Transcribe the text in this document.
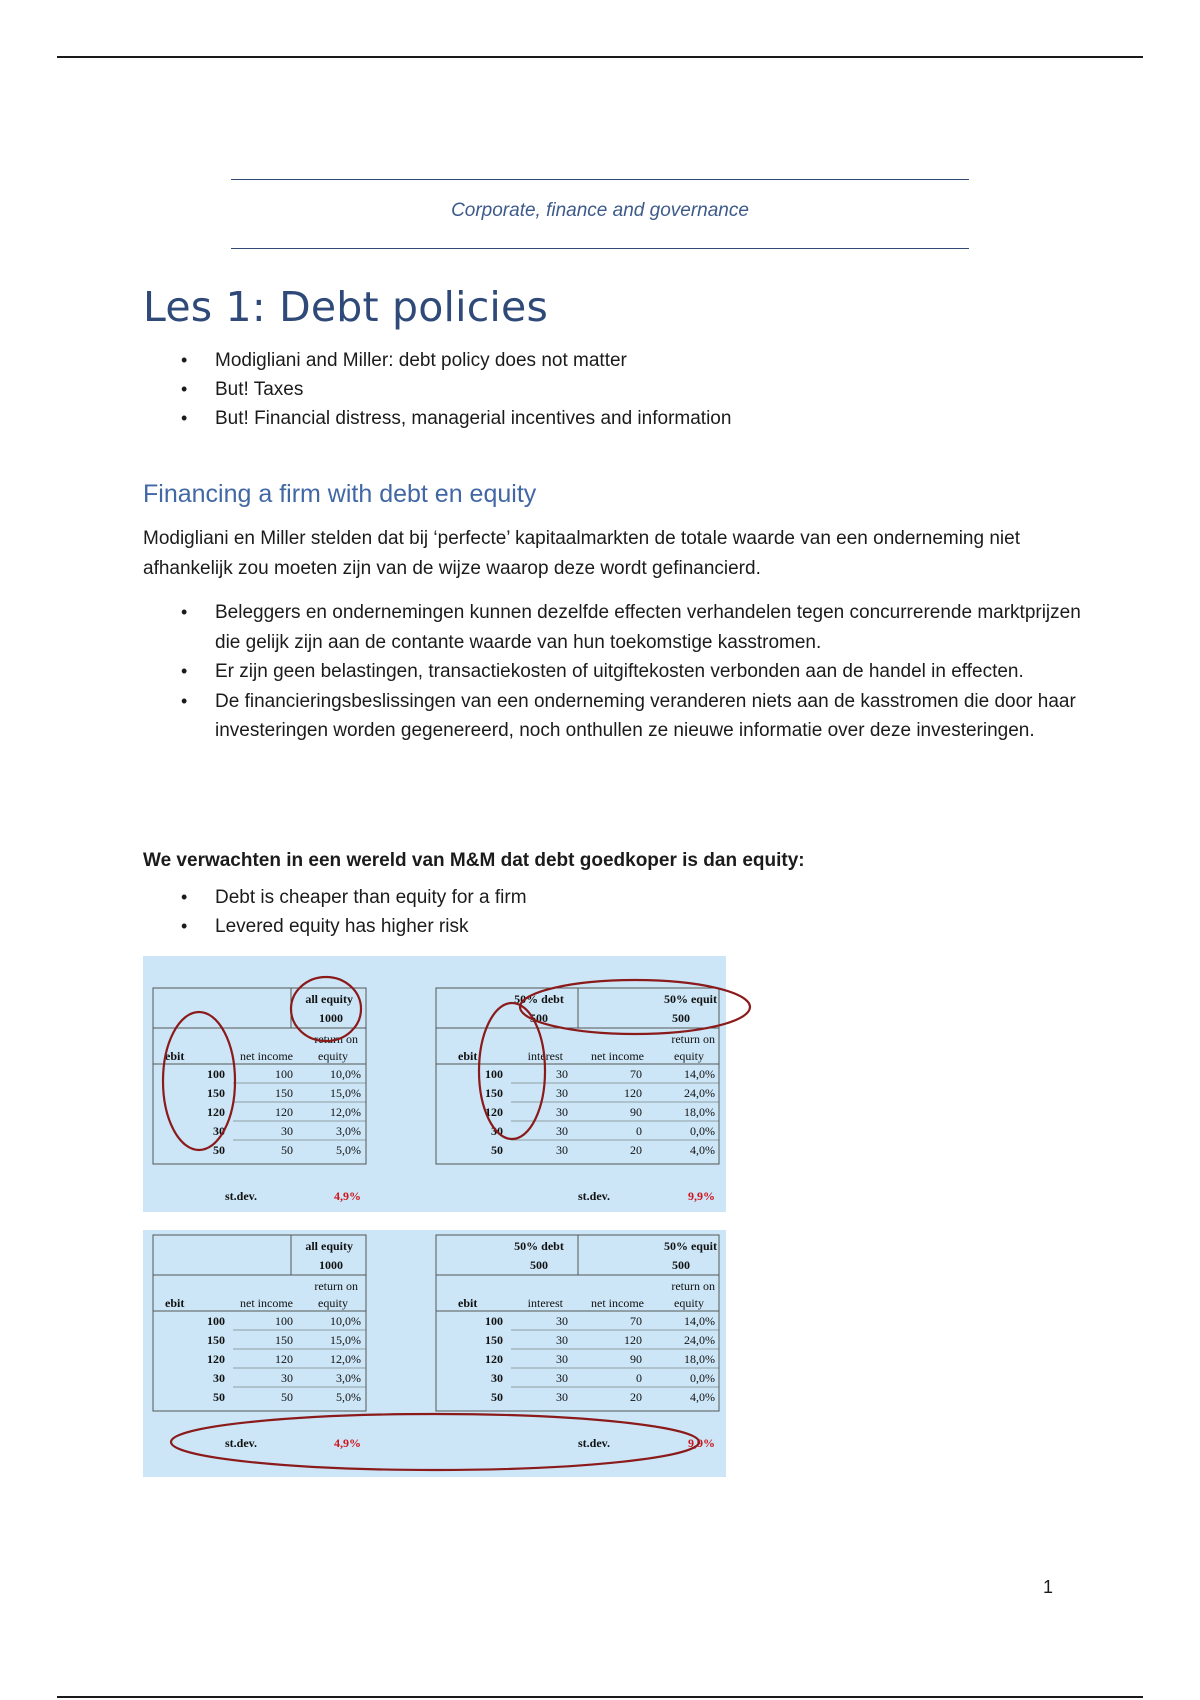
Corporate, finance and governance
Les 1: Debt policies
• Modigliani and Miller: debt policy does not matter
• But! Taxes
• But! Financial distress, managerial incentives and information
Financing a firm with debt en equity

Modigliani en Miller stelden dat bij ‘perfecte’ kapitaalmarkten de totale waarde van een onderneming niet afhankelijk zou moeten zijn van de wijze waarop deze wordt gefinancierd.

• Beleggers en ondernemingen kunnen dezelfde effecten verhandelen tegen concurrerende marktprijzen die gelijk zijn aan de contante waarde van hun toekomstige kasstromen.
• Er zijn geen belastingen, transactiekosten of uitgiftekosten verbonden aan de handel in effecten.
• De financieringsbeslissingen van een onderneming veranderen niets aan de kasstromen die door haar investeringen worden gegenereerd, noch onthullen ze nieuwe informatie over deze investeringen.

We verwachten in een wereld van M&M dat debt goedkoper is dan equity:

• Debt is cheaper than equity for a firm
• Levered equity has higher risk
all equity
1000
return on
equity
ebit	net income
100	100	10,0%
150	150	15,0%
120	120	12,0%
30	30	3,0%
50	50	5,0%
st.dev.	4,9%
50% debt
500
50% equit
500
return on
equity
ebit	interest net income
100	30	70	14,0%
150	30	120	24,0%
120	30	90	18,0%
30	30	0	0,0%
50	30	20	4,0%
st.dev.	9,9%
all equity
1000
return on
equity
ebit	net income
100	100	10,0%
150	150	15,0%
120	120	12,0%
30	30	3,0%
50	50	5,0%
st.dev.	4,9%
50% debt
500
50% equit
500
return on
equity
ebit	interest net income
100	30	70	14,0%
150	30	120	24,0%
120	30	90	18,0%
30	30	0	0,0%
50	30	20	4,0%
st.dev.	9,9%
1
